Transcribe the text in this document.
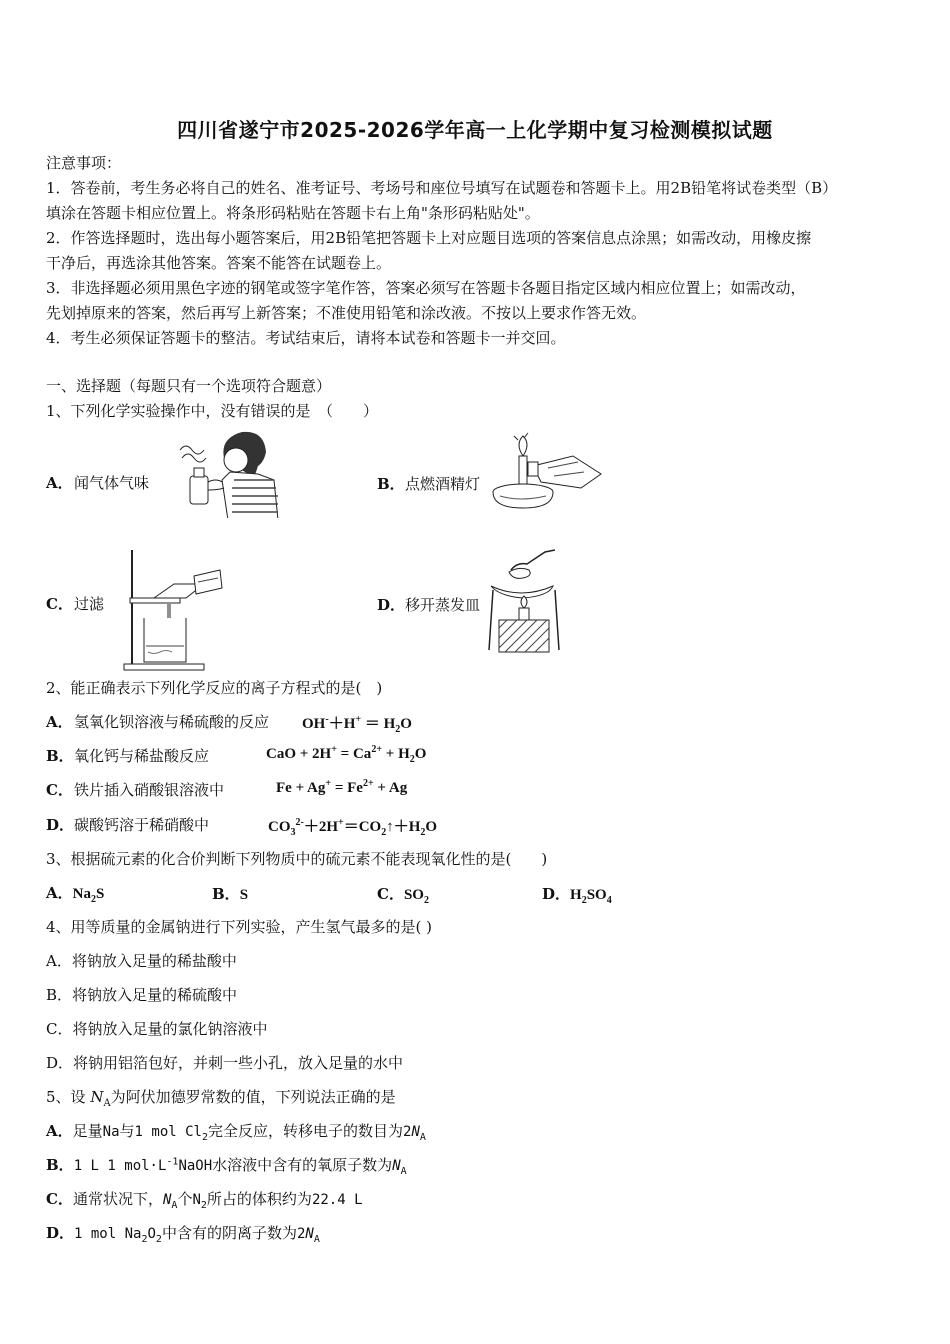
四川省遂宁市2025-2026学年高一上化学期中复习检测模拟试题
注意事项：
1．答卷前，考生务必将自己的姓名、准考证号、考场号和座位号填写在试题卷和答题卡上。用2B铅笔将试卷类型（B）
填涂在答题卡相应位置上。将条形码粘贴在答题卡右上角"条形码粘贴处"。
2．作答选择题时，选出每小题答案后，用2B铅笔把答题卡上对应题目选项的答案信息点涂黑；如需改动，用橡皮擦
干净后，再选涂其他答案。答案不能答在试题卷上。
3．非选择题必须用黑色字迹的钢笔或签字笔作答，答案必须写在答题卡各题目指定区域内相应位置上；如需改动，
先划掉原来的答案，然后再写上新答案；不准使用铅笔和涂改液。不按以上要求作答无效。
4．考生必须保证答题卡的整洁。考试结束后，请将本试卷和答题卡一并交回。
一、选择题（每题只有一个选项符合题意）
1、下列化学实验操作中，没有错误的是　（　　）
A．闻气体气味	B．点燃酒精灯
C．过滤	D．移开蒸发皿
2、能正确表示下列化学反应的离子方程式的是(　)
A．氢氧化钡溶液与稀硫酸的反应 $OH^-+H^+ = H_2O$
B．氧化钙与稀盐酸反应	CaO + $2H^+ = Ca^{2+} + H_2O$
C．铁片插入硝酸银溶液中	$Fe + Ag^+ = Fe^{2+} + Ag$
D．碳酸钙溶于稀硝酸中	$CO_3^{2-}+2H^+=CO_2↑+H_2O$
3、根据硫元素的化合价判断下列物质中的硫元素不能表现氧化性的是(　　)
A．$Na_2S$	B．S	C．$SO_2$	D．$H_2SO_4$
4、用等质量的金属钠进行下列实验，产生氢气最多的是( )
A．将钠放入足量的稀盐酸中
B．将钠放入足量的稀硫酸中
C．将钠放入足量的氯化钠溶液中
D．将钠用铝箔包好，并刺一些小孔，放入足量的水中
5、设 $N_A$为阿伏加德罗常数的值，下列说法正确的是
A．足量Na与1 mol $Cl_2$完全反应，转移电子的数目为$2N_A$
B．1 L 1 $mol\cdot L^{-1}NaOH$水溶液中含有的氧原子数为$N_A$
C．通常状况下，$N_A$个$N_2$所占的体积约为22.4 L
D．1 mol $Na_2O_2$中含有的阴离子数为$2N_A$
